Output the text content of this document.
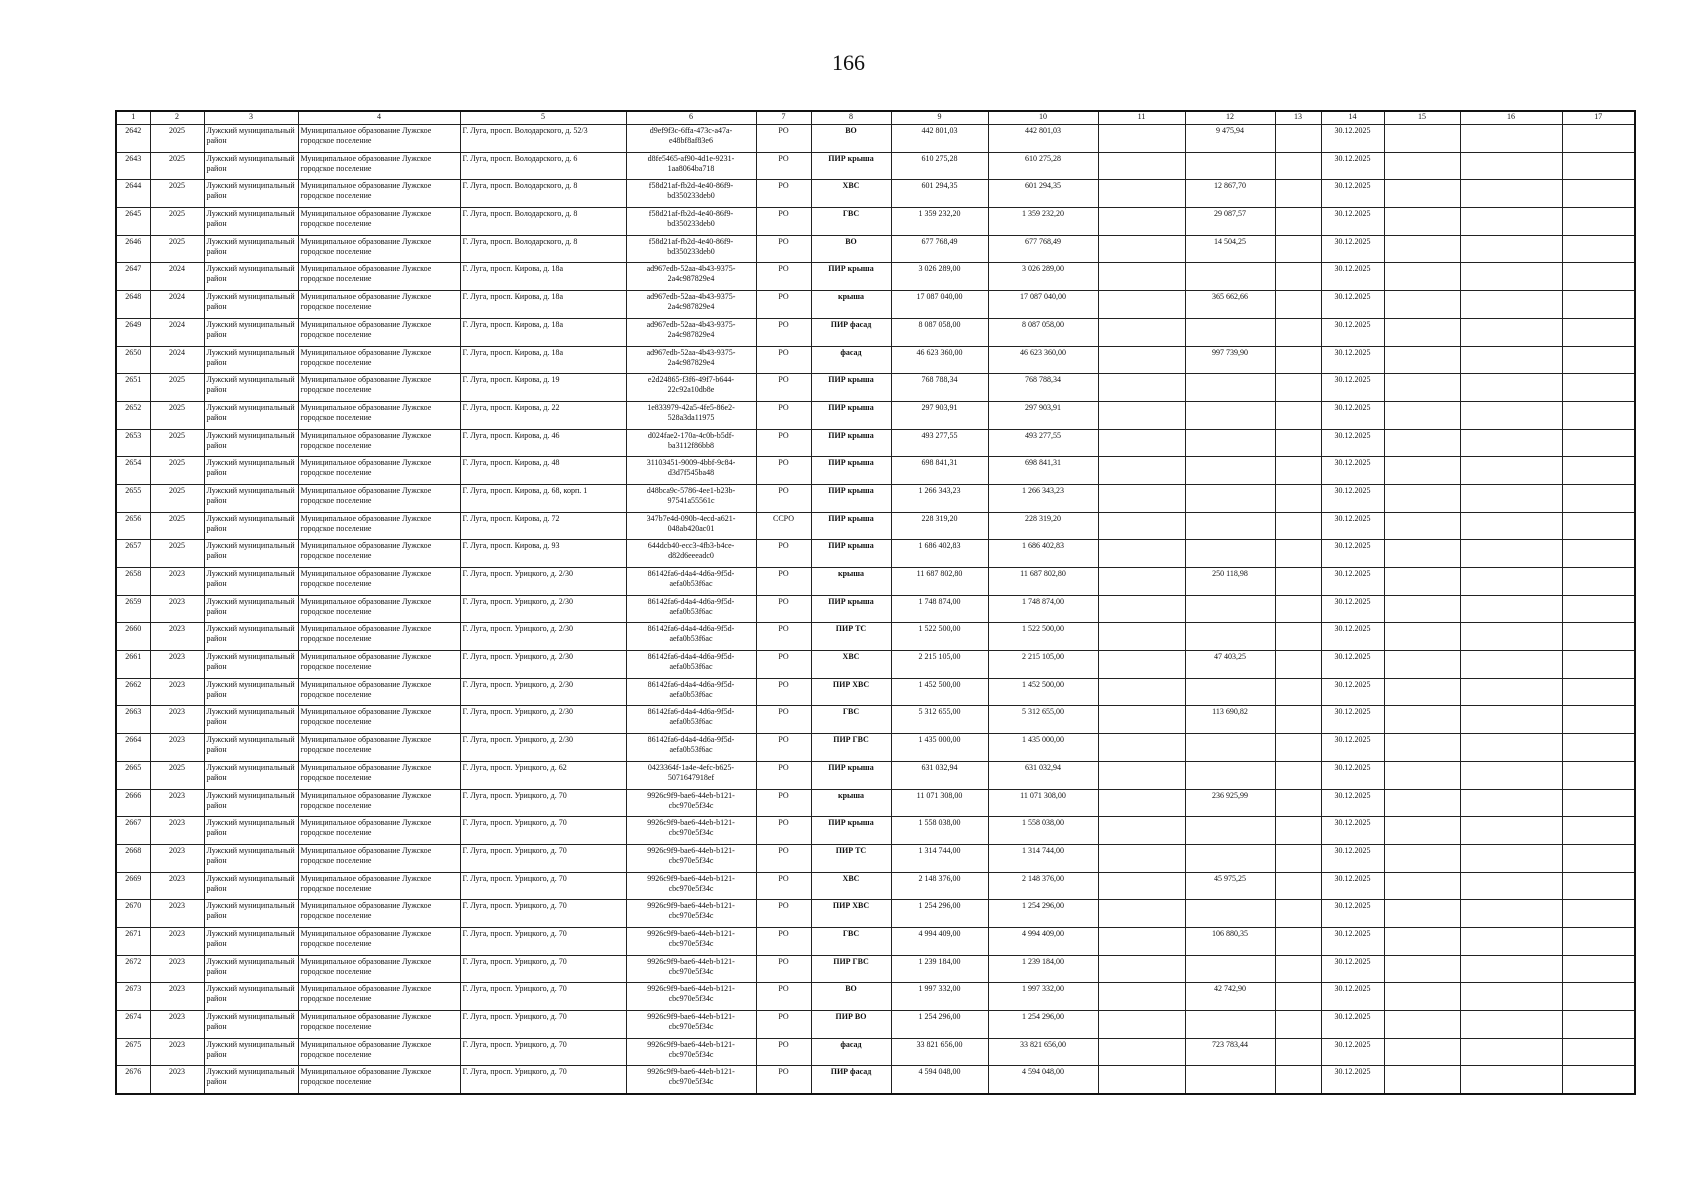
166
1	2	3	4	5	6	7	8	9	10	11	12	13	14	15	16	17
2642	2025	Лужский муниципальный район	Муниципальное образование Лужское городское поселение	Г. Луга, просп. Володарского, д. 52/3	d9ef9f3c-6ffa-473c-a47a-e48bf8af83e6	РО	ВО	442 801,03	442 801,03		9 475,94		30.12.2025			
2643	2025	Лужский муниципальный район	Муниципальное образование Лужское городское поселение	Г. Луга, просп. Володарского, д. 6	d8fe5465-af90-4d1e-9231-1aa8064ba718	РО	ПИР крыша	610 275,28	610 275,28				30.12.2025			
2644	2025	Лужский муниципальный район	Муниципальное образование Лужское городское поселение	Г. Луга, просп. Володарского, д. 8	f58d21af-fb2d-4e40-86f9-bd350233deb0	РО	ХВС	601 294,35	601 294,35		12 867,70		30.12.2025			
2645	2025	Лужский муниципальный район	Муниципальное образование Лужское городское поселение	Г. Луга, просп. Володарского, д. 8	f58d21af-fb2d-4e40-86f9-bd350233deb0	РО	ГВС	1 359 232,20	1 359 232,20		29 087,57		30.12.2025			
2646	2025	Лужский муниципальный район	Муниципальное образование Лужское городское поселение	Г. Луга, просп. Володарского, д. 8	f58d21af-fb2d-4e40-86f9-bd350233deb0	РО	ВО	677 768,49	677 768,49		14 504,25		30.12.2025			
2647	2024	Лужский муниципальный район	Муниципальное образование Лужское городское поселение	Г. Луга, просп. Кирова, д. 18а	ad967edb-52aa-4b43-9375-2a4c987829e4	РО	ПИР крыша	3 026 289,00	3 026 289,00				30.12.2025			
2648	2024	Лужский муниципальный район	Муниципальное образование Лужское городское поселение	Г. Луга, просп. Кирова, д. 18а	ad967edb-52aa-4b43-9375-2a4c987829e4	РО	крыша	17 087 040,00	17 087 040,00		365 662,66		30.12.2025			
2649	2024	Лужский муниципальный район	Муниципальное образование Лужское городское поселение	Г. Луга, просп. Кирова, д. 18а	ad967edb-52aa-4b43-9375-2a4c987829e4	РО	ПИР фасад	8 087 058,00	8 087 058,00				30.12.2025			
2650	2024	Лужский муниципальный район	Муниципальное образование Лужское городское поселение	Г. Луга, просп. Кирова, д. 18а	ad967edb-52aa-4b43-9375-2a4c987829e4	РО	фасад	46 623 360,00	46 623 360,00		997 739,90		30.12.2025			
2651	2025	Лужский муниципальный район	Муниципальное образование Лужское городское поселение	Г. Луга, просп. Кирова, д. 19	e2d24865-f3f6-49f7-b644-22c92a10db8e	РО	ПИР крыша	768 788,34	768 788,34				30.12.2025			
2652	2025	Лужский муниципальный район	Муниципальное образование Лужское городское поселение	Г. Луга, просп. Кирова, д. 22	1e833979-42a5-4fe5-86e2-528a3da11975	РО	ПИР крыша	297 903,91	297 903,91				30.12.2025			
2653	2025	Лужский муниципальный район	Муниципальное образование Лужское городское поселение	Г. Луга, просп. Кирова, д. 46	d024fae2-170a-4c0b-b5df-ba3112f86bb8	РО	ПИР крыша	493 277,55	493 277,55				30.12.2025			
2654	2025	Лужский муниципальный район	Муниципальное образование Лужское городское поселение	Г. Луга, просп. Кирова, д. 48	31103451-9009-4bbf-9c84-d3d7f545ba48	РО	ПИР крыша	698 841,31	698 841,31				30.12.2025			
2655	2025	Лужский муниципальный район	Муниципальное образование Лужское городское поселение	Г. Луга, просп. Кирова, д. 68, корп. 1	d48bca9c-5786-4ee1-b23b-97541a55561c	РО	ПИР крыша	1 266 343,23	1 266 343,23				30.12.2025			
2656	2025	Лужский муниципальный район	Муниципальное образование Лужское городское поселение	Г. Луга, просп. Кирова, д. 72	347b7e4d-090b-4ecd-a621-048ab420ac01	ССРО	ПИР крыша	228 319,20	228 319,20				30.12.2025			
2657	2025	Лужский муниципальный район	Муниципальное образование Лужское городское поселение	Г. Луга, просп. Кирова, д. 93	644dcb40-ecc3-4fb3-b4ce-d82d6eeeadc0	РО	ПИР крыша	1 686 402,83	1 686 402,83				30.12.2025			
2658	2023	Лужский муниципальный район	Муниципальное образование Лужское городское поселение	Г. Луга, просп. Урицкого, д. 2/30	86142fa6-d4a4-4d6a-9f5d-aefa0b53f6ac	РО	крыша	11 687 802,80	11 687 802,80		250 118,98		30.12.2025			
2659	2023	Лужский муниципальный район	Муниципальное образование Лужское городское поселение	Г. Луга, просп. Урицкого, д. 2/30	86142fa6-d4a4-4d6a-9f5d-aefa0b53f6ac	РО	ПИР крыша	1 748 874,00	1 748 874,00				30.12.2025			
2660	2023	Лужский муниципальный район	Муниципальное образование Лужское городское поселение	Г. Луга, просп. Урицкого, д. 2/30	86142fa6-d4a4-4d6a-9f5d-aefa0b53f6ac	РО	ПИР ТС	1 522 500,00	1 522 500,00				30.12.2025			
2661	2023	Лужский муниципальный район	Муниципальное образование Лужское городское поселение	Г. Луга, просп. Урицкого, д. 2/30	86142fa6-d4a4-4d6a-9f5d-aefa0b53f6ac	РО	ХВС	2 215 105,00	2 215 105,00		47 403,25		30.12.2025			
2662	2023	Лужский муниципальный район	Муниципальное образование Лужское городское поселение	Г. Луга, просп. Урицкого, д. 2/30	86142fa6-d4a4-4d6a-9f5d-aefa0b53f6ac	РО	ПИР ХВС	1 452 500,00	1 452 500,00				30.12.2025			
2663	2023	Лужский муниципальный район	Муниципальное образование Лужское городское поселение	Г. Луга, просп. Урицкого, д. 2/30	86142fa6-d4a4-4d6a-9f5d-aefa0b53f6ac	РО	ГВС	5 312 655,00	5 312 655,00		113 690,82		30.12.2025			
2664	2023	Лужский муниципальный район	Муниципальное образование Лужское городское поселение	Г. Луга, просп. Урицкого, д. 2/30	86142fa6-d4a4-4d6a-9f5d-aefa0b53f6ac	РО	ПИР ГВС	1 435 000,00	1 435 000,00				30.12.2025			
2665	2025	Лужский муниципальный район	Муниципальное образование Лужское городское поселение	Г. Луга, просп. Урицкого, д. 62	0423364f-1a4e-4efc-b625-5071647918ef	РО	ПИР крыша	631 032,94	631 032,94				30.12.2025			
2666	2023	Лужский муниципальный район	Муниципальное образование Лужское городское поселение	Г. Луга, просп. Урицкого, д. 70	9926c9f9-bae6-44eb-b121-cbc970e5f34c	РО	крыша	11 071 308,00	11 071 308,00		236 925,99		30.12.2025			
2667	2023	Лужский муниципальный район	Муниципальное образование Лужское городское поселение	Г. Луга, просп. Урицкого, д. 70	9926c9f9-bae6-44eb-b121-cbc970e5f34c	РО	ПИР крыша	1 558 038,00	1 558 038,00				30.12.2025			
2668	2023	Лужский муниципальный район	Муниципальное образование Лужское городское поселение	Г. Луга, просп. Урицкого, д. 70	9926c9f9-bae6-44eb-b121-cbc970e5f34c	РО	ПИР ТС	1 314 744,00	1 314 744,00				30.12.2025			
2669	2023	Лужский муниципальный район	Муниципальное образование Лужское городское поселение	Г. Луга, просп. Урицкого, д. 70	9926c9f9-bae6-44eb-b121-cbc970e5f34c	РО	ХВС	2 148 376,00	2 148 376,00		45 975,25		30.12.2025			
2670	2023	Лужский муниципальный район	Муниципальное образование Лужское городское поселение	Г. Луга, просп. Урицкого, д. 70	9926c9f9-bae6-44eb-b121-cbc970e5f34c	РО	ПИР ХВС	1 254 296,00	1 254 296,00				30.12.2025			
2671	2023	Лужский муниципальный район	Муниципальное образование Лужское городское поселение	Г. Луга, просп. Урицкого, д. 70	9926c9f9-bae6-44eb-b121-cbc970e5f34c	РО	ГВС	4 994 409,00	4 994 409,00		106 880,35		30.12.2025			
2672	2023	Лужский муниципальный район	Муниципальное образование Лужское городское поселение	Г. Луга, просп. Урицкого, д. 70	9926c9f9-bae6-44eb-b121-cbc970e5f34c	РО	ПИР ГВС	1 239 184,00	1 239 184,00				30.12.2025			
2673	2023	Лужский муниципальный район	Муниципальное образование Лужское городское поселение	Г. Луга, просп. Урицкого, д. 70	9926c9f9-bae6-44eb-b121-cbc970e5f34c	РО	ВО	1 997 332,00	1 997 332,00		42 742,90		30.12.2025			
2674	2023	Лужский муниципальный район	Муниципальное образование Лужское городское поселение	Г. Луга, просп. Урицкого, д. 70	9926c9f9-bae6-44eb-b121-cbc970e5f34c	РО	ПИР ВО	1 254 296,00	1 254 296,00				30.12.2025			
2675	2023	Лужский муниципальный район	Муниципальное образование Лужское городское поселение	Г. Луга, просп. Урицкого, д. 70	9926c9f9-bae6-44eb-b121-cbc970e5f34c	РО	фасад	33 821 656,00	33 821 656,00		723 783,44		30.12.2025			
2676	2023	Лужский муниципальный район	Муниципальное образование Лужское городское поселение	Г. Луга, просп. Урицкого, д. 70	9926c9f9-bae6-44eb-b121-cbc970e5f34c	РО	ПИР фасад	4 594 048,00	4 594 048,00				30.12.2025			
